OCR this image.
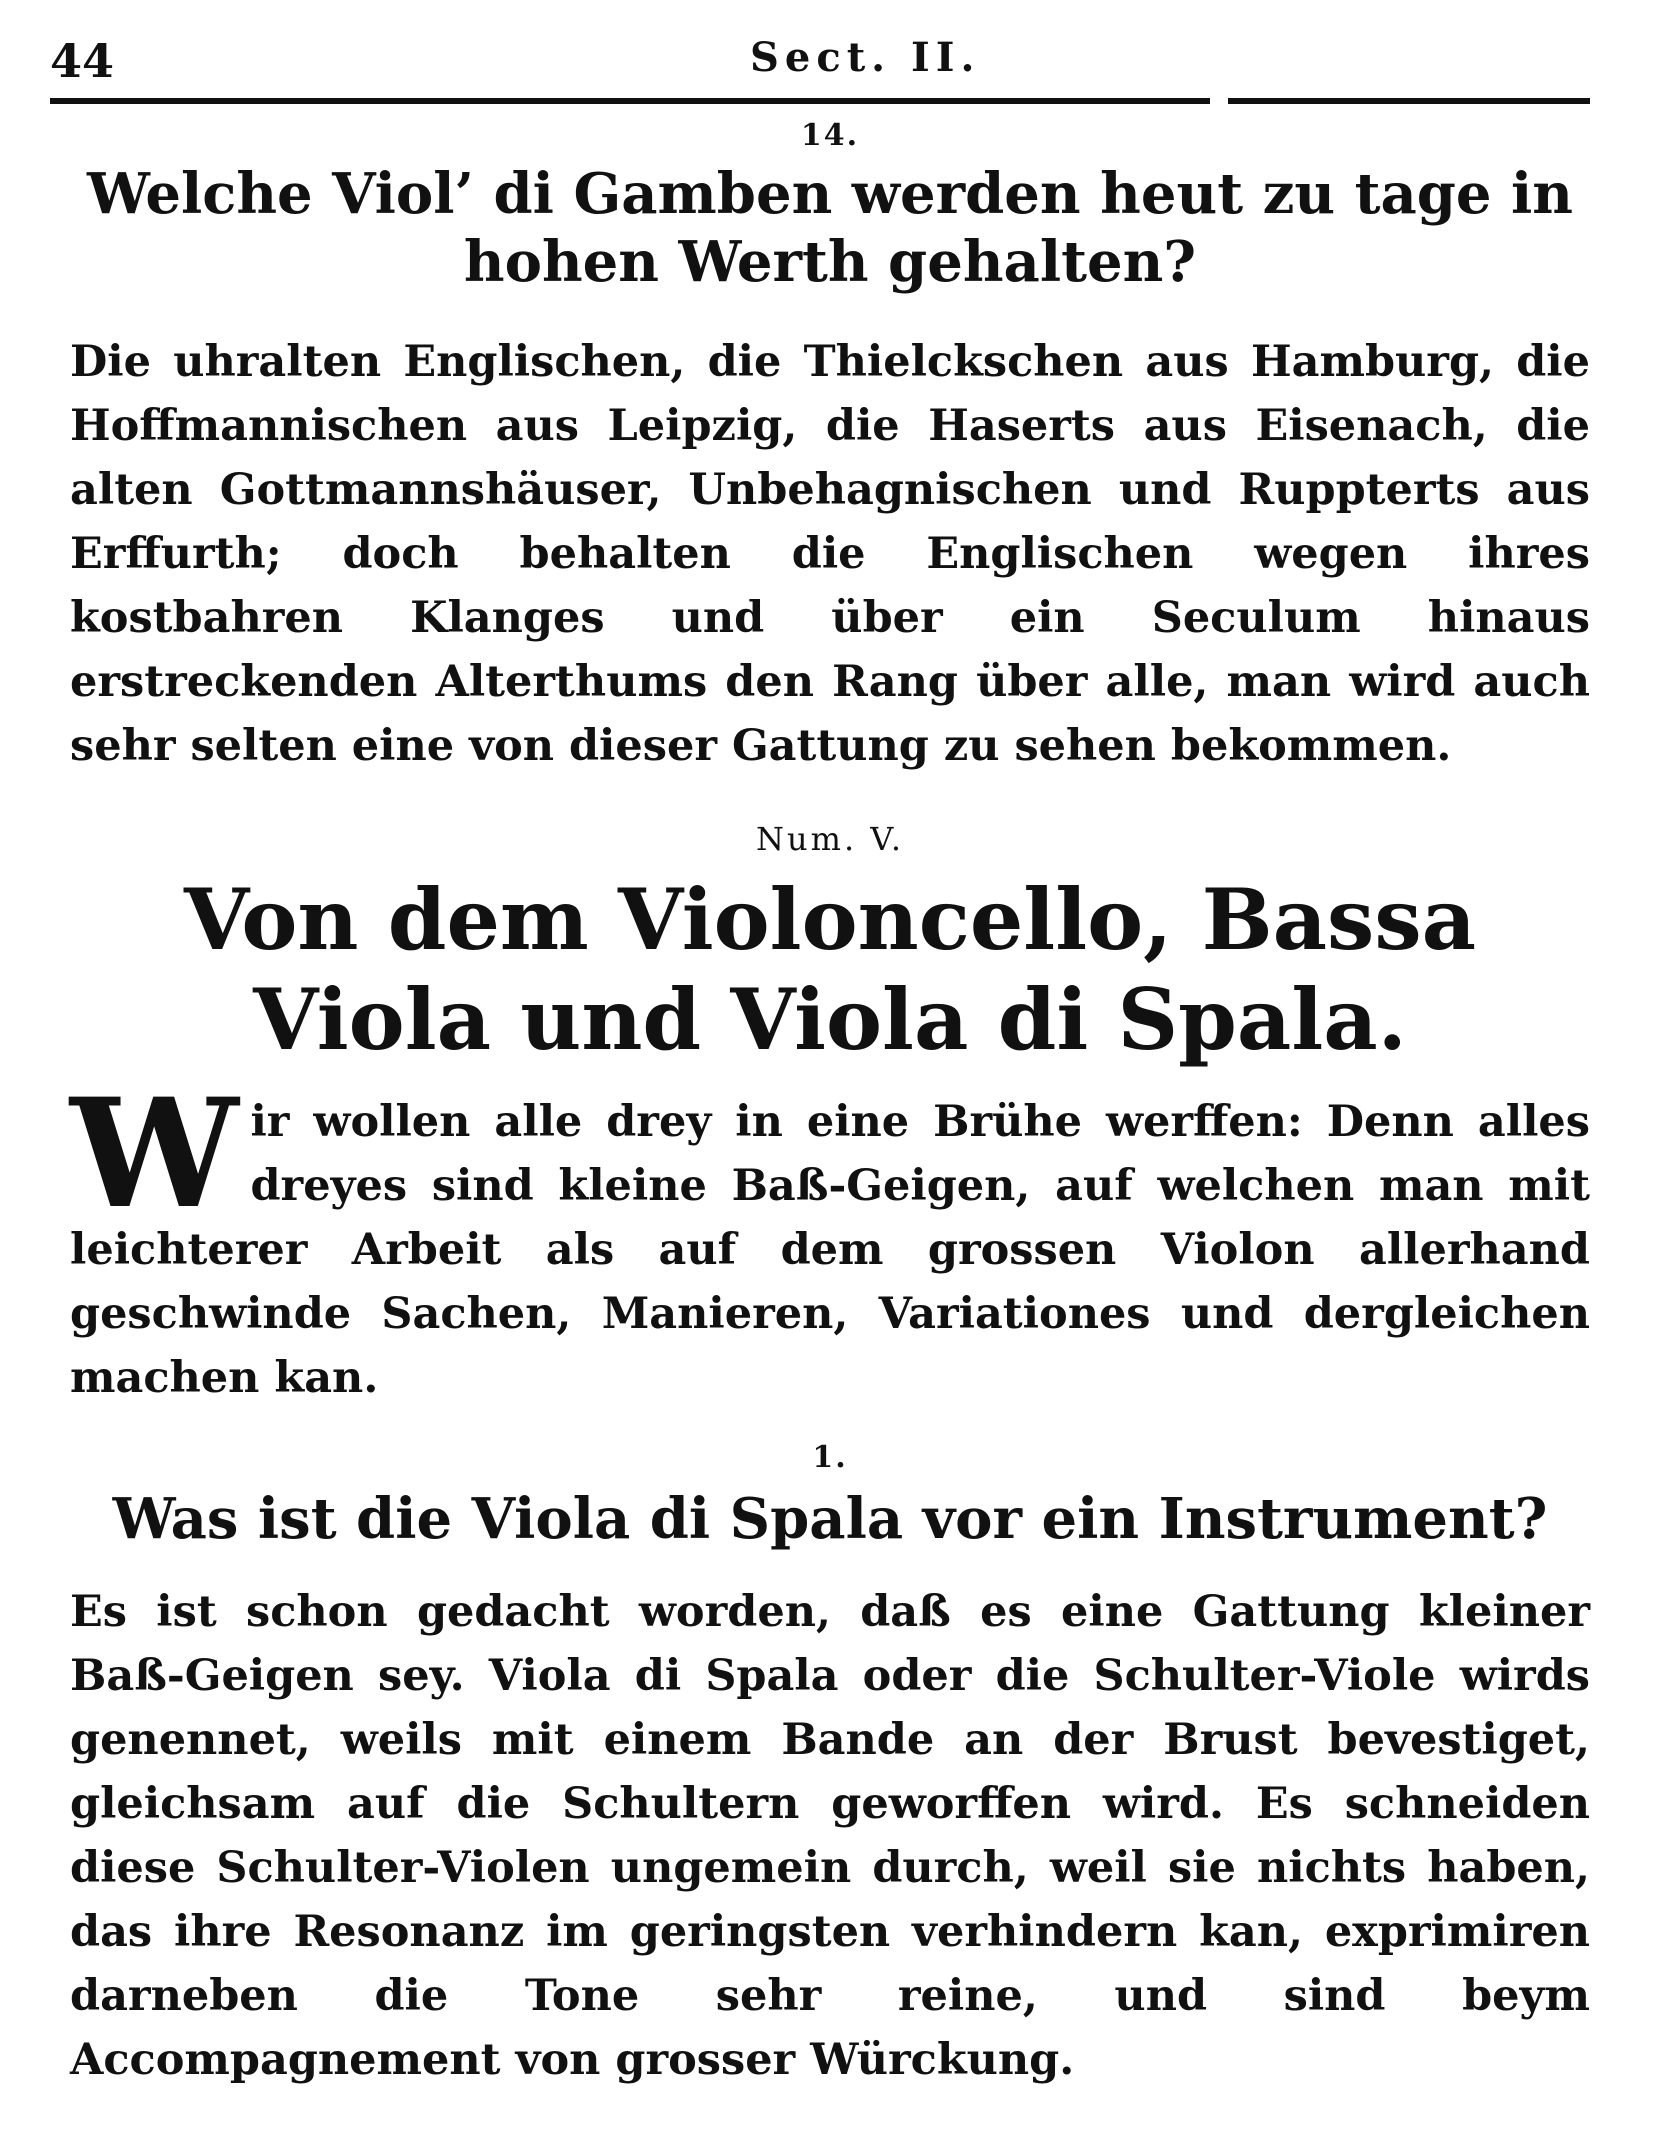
44	Sect. II.
14.
Welche Viol’ di Gamben werden heut zu tage in hohen Werth gehalten?
Die uhralten Englischen, die Thielckschen aus Hamburg, die Hoffmannischen aus Leipzig, die Haserts aus Eisenach, die alten Gottmannshäuser, Unbehagnischen und Ruppterts aus Erffurth; doch behalten die Englischen wegen ihres kostbahren Klanges und über ein Seculum hinaus erstreckenden Alterthums den Rang über alle, man wird auch sehr selten eine von dieser Gattung zu sehen bekommen.
Num. V.
Von dem Violoncello, Bassa Viola und Viola di Spala.
Wir wollen alle drey in eine Brühe werffen: Denn alles dreyes sind kleine Baß-Geigen, auf welchen man mit leichterer Arbeit als auf dem grossen Violon allerhand geschwinde Sachen, Manieren, Variationes und dergleichen machen kan.
1.
Was ist die Viola di Spala vor ein Instrument?
Es ist schon gedacht worden, daß es eine Gattung kleiner Baß-Geigen sey. Viola di Spala oder die Schulter-Viole wirds genennet, weils mit einem Bande an der Brust bevestiget, gleichsam auf die Schultern geworffen wird. Es schneiden diese Schulter-Violen ungemein durch, weil sie nichts haben, das ihre Resonanz im geringsten verhindern kan, exprimiren darneben die Tone sehr reine, und sind beym Accompagnement von grosser Würckung.
